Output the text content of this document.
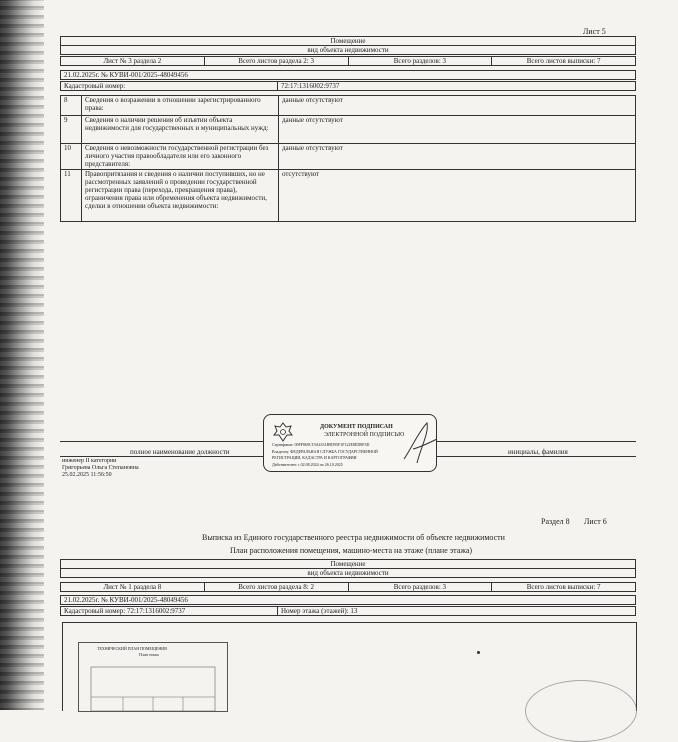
Лист 5
Помещение
вид объекта недвижимости
Лист № 3 раздела 2	Всего листов раздела 2: 3	Всего разделов: 3	Всего листов выписки: 7
21.02.2025г. № КУВИ-001/2025-48049456
Кадастровый номер:	72:17:1316002:9737
8	Сведения о возражении в отношении зарегистрированного права:	данные отсутствуют
9	Сведения о наличии решения об изъятии объекта недвижимости для государственных и муниципальных нужд:	данные отсутствуют
10	Сведения о невозможности государственной регистрации без личного участия правообладателя или его законного представителя:	данные отсутствуют
11	Правопритязания и сведения о наличии поступивших, но не рассмотренных заявлений о проведении государственной регистрации права (перехода, прекращения права), ограничения права или обременения объекта недвижимости, сделки в отношении объекта недвижимости:	отсутствуют
полное наименование должности	инициалы, фамилия
инженер II категории
Григорьева Ольга Степановна
25.02.2025 11:56:50
ДОКУМЕНТ ПОДПИСАН
ЭЛЕКТРОННОЙ ПОДПИСЬЮ
Сертификат: 00FF869C19A4331B9D95F1F122E8ED8F3D
Владелец: ФЕДЕРАЛЬНАЯ СЛУЖБА ГОСУДАРСТВЕННОЙ
РЕГИСТРАЦИИ, КАДАСТРА И КАРТОГРАФИИ
Действителен: с 02.08.2024 по 26.10.2025
Раздел 8 Лист 6
Выписка из Единого государственного реестра недвижимости об объекте недвижимости
План расположения помещения, машино-места на этаже (плане этажа)
Помещение
вид объекта недвижимости
Лист № 1 раздела 8	Всего листов раздела 8: 2	Всего разделов: 3	Всего листов выписки: 7
21.02.2025г. № КУВИ-001/2025-48049456
Кадастровый номер: 72:17:1316002:9737	Номер этажа (этажей): 13
ТЕХНИЧЕСКИЙ ПЛАН ПОМЕЩЕНИЯ
План этажа
